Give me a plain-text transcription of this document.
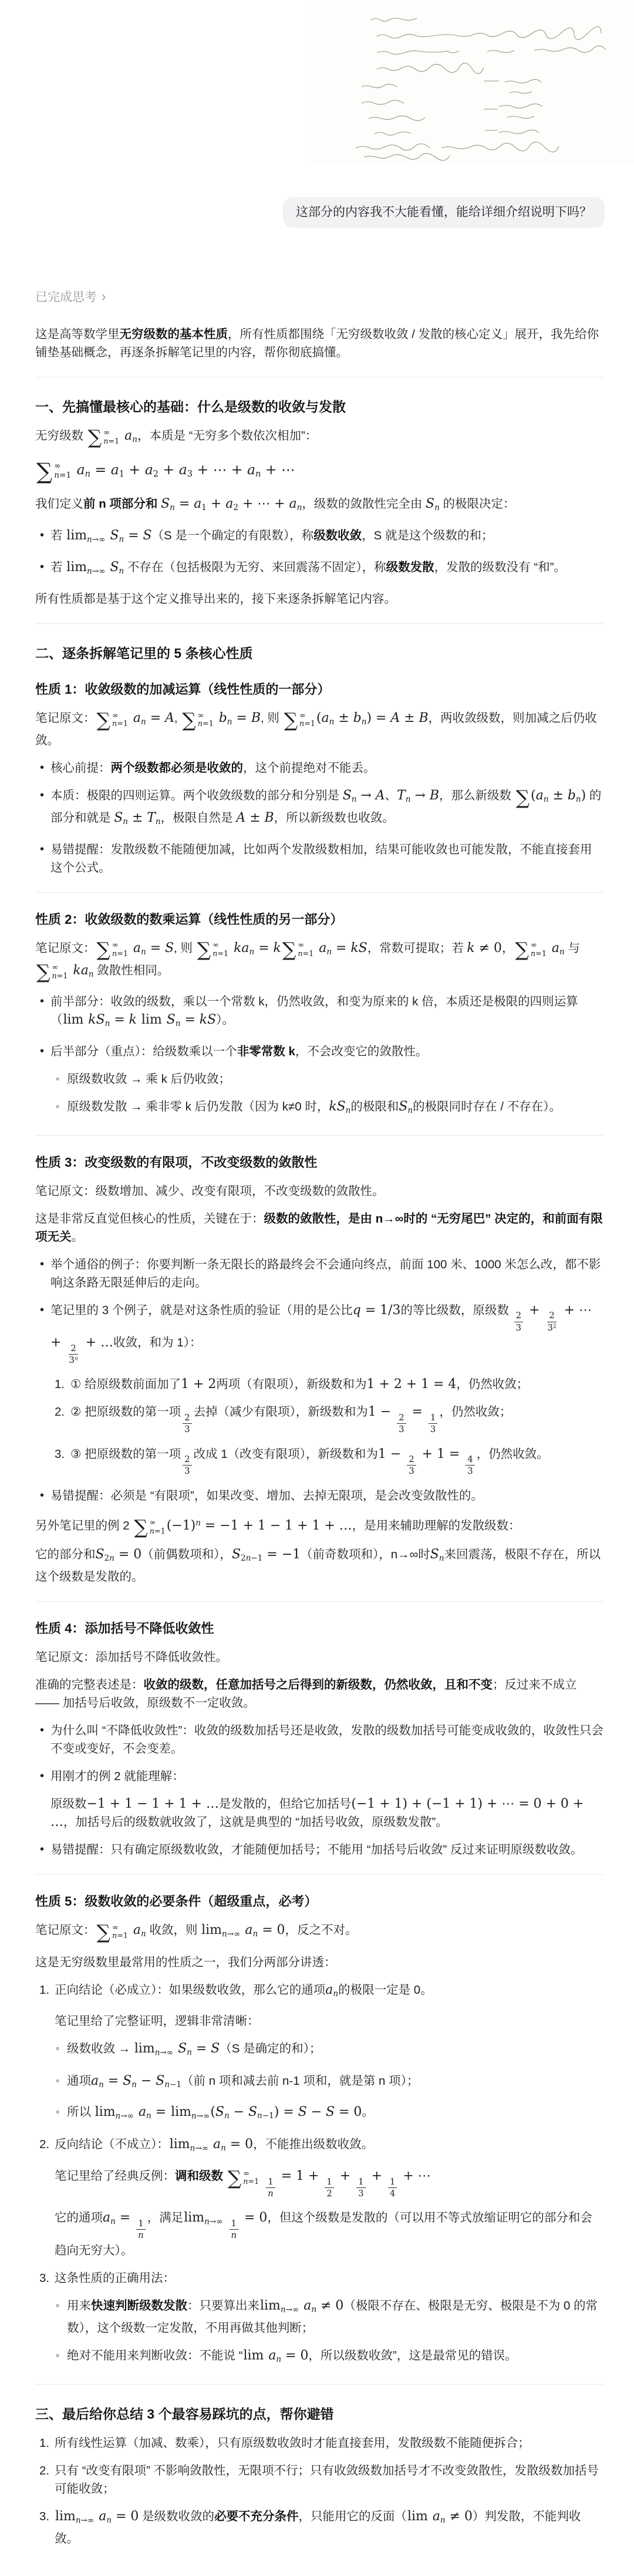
这部分的内容我不大能看懂，能给详细介绍说明下吗？
已完成思考 ›
这是高等数学里无穷级数的基本性质，所有性质都围绕「无穷级数收敛 / 发散的核心定义」展开，我先给你铺垫基础概念，再逐条拆解笔记里的内容，帮你彻底搞懂。
一、先搞懂最核心的基础：什么是级数的收敛与发散
无穷级数 ∑ ∞
n=1 $a_n$，本质是 “无穷多个数依次相加”：
∑ ∞
n=1 $a_n = a_1 + a_2 + a_3$ + ⋯ + $a_n$ + ⋯
我们定义前 n 项部分和 $S_n = a_1 + a_2$ + ⋯ + $a_n$，级数的敛散性完全由 $S_n$ 的极限决定：
• 若 $\lim_{n\to\infty} S_n = S(S$ 是一个确定的有限数），称级数收敛，S 就是这个级数的和；
• 若 $\lim_{n\to\infty} S_n$ 不存在（包括极限为无穷、来回震荡不固定），称级数发散，发散的级数没有 “和”。
所有性质都是基于这个定义推导出来的，接下来逐条拆解笔记内容。
二、逐条拆解笔记里的 5 条核心性质
性质 1：收敛级数的加减运算（线性性质的一部分）
笔记原文： ∑ ∞
n=1 $a_n = A$, ∑ ∞
n=1 $b_n = B$, 则 ∑ ∞
n=1 $(a_n \pm b_n) = A \pm B$，两收敛级数，则加减之后仍收敛。
• 核心前提：两个级数都必须是收敛的，这个前提绝对不能丢。
• 本质：极限的四则运算。两个收敛级数的部分和分别是 $S_n \to A$、$T_n \to B$，那么新级数 ∑ $(a_n \pm b_n)$ 的部分和就是 $S_n \pm T_n$，极限自然是 A ± B，所以新级数也收敛。
• 易错提醒：发散级数不能随便加减，比如两个发散级数相加，结果可能收敛也可能发散，不能直接套用这个公式。
性质 2：收敛级数的数乘运算（线性性质的另一部分）
笔记原文： ∑ ∞
n=1 $a_n = S$, 则 ∑ ∞
n=1 $ka_n = k$ ∑ ∞
n=1 $a_n$ = kS，常数可提取；若 k ≠ 0， ∑ ∞
n=1 $a_n$ 与
∑ ∞
n=1 $ka_n$ 敛散性相同。
• 前半部分：收敛的级数，乘以一个常数 k，仍然收敛，和变为原来的 k 倍，本质还是极限的四则运算（lim $kS_n = k$ $\lim S_n = kS$）。
• 后半部分（重点）：给级数乘以一个非零常数 k，不会改变它的敛散性。
◦ 原级数收敛 → 乘 k 后仍收敛；
◦ 原级数发散 → 乘非零 k 后仍发散（因为 k≠0 时，$kS_n$的极限和$S_n$的极限同时存在 / 不存在）。
性质 3：改变级数的有限项，不改变级数的敛散性
笔记原文：级数增加、减少、改变有限项，不改变级数的敛散性。
这是非常反直觉但核心的性质，关键在于：级数的敛散性，是由 n→∞时的 “无穷尾巴” 决定的，和前面有限项无关。
• 举个通俗的例子：你要判断一条无限长的路最终会不会通向终点，前面 100 米、1000 米怎么改，都不影响这条路无限延伸后的走向。
• 笔记里的 3 个例子，就是对这条性质的验证（用的是公比q = 1/3的等比级数，原级数 $\frac{2}{3} + \frac{2}{3^2}$ + ⋯ + $\frac{2}{3^n}$ + …收敛，和为 1）：
1. ① 给原级数前面加了1 + 2两项（有限项），新级数和为1 + 2 + 1 = 4，仍然收敛；
2. ② 把原级数的第一项 $\frac{2}{3}$ 去掉（减少有限项），新级数和为$1 - \frac{2}{3} = \frac{1}{3}$ ，仍然收敛；
3. ③ 把原级数的第一项 $\frac{2}{3}$ 改成 1（改变有限项），新级数和为$1 - \frac{2}{3} + 1 = \frac{4}{3}$ ，仍然收敛。
• 易错提醒：必须是 “有限项”，如果改变、增加、去掉无限项，是会改变敛散性的。
另外笔记里的例 2 ∑ ∞
n=1 $(-1)^n = -1 + 1 - 1 + 1$ + …，是用来辅助理解的发散级数：
它的部分和$S_{2n} = 0$（前偶数项和），$S_{2n-1} = -1$（前奇数项和），n→∞时$S_n$来回震荡，极限不存在，所以这个级数是发散的。
性质 4：添加括号不降低收敛性
笔记原文：添加括号不降低收敛性。
准确的完整表述是：收敛的级数，任意加括号之后得到的新级数，仍然收敛，且和不变；反过来不成立 —— 加括号后收敛，原级数不一定收敛。
• 为什么叫 “不降低收敛性”：收敛的级数加括号还是收敛，发散的级数加括号可能变成收敛的，收敛性只会不变或变好，不会变差。
• 用刚才的例 2 就能理解：
原级数−1 + 1 − 1 + 1 + …是发散的，但给它加括号(−1 + 1) + (−1 + 1) + ⋯ = 0 + 0 + …，加括号后的级数就收敛了，这就是典型的 “加括号收敛，原级数发散”。
• 易错提醒：只有确定原级数收敛，才能随便加括号；不能用 “加括号后收敛” 反过来证明原级数收敛。
性质 5：级数收敛的必要条件（超级重点，必考）
笔记原文： ∑ ∞
n=1 $a_n$ 收敛，则 $\lim_{n\to\infty} a_n = 0$，反之不对。
这是无穷级数里最常用的性质之一，我们分两部分讲透：
1. 正向结论（必成立）：如果级数收敛，那么它的通项$a_n$的极限一定是 0。
笔记里给了完整证明，逻辑非常清晰：
◦ 级数收敛 → $\lim_{n\to\infty} S_n = S(S$ 是确定的和）；
◦ 通项$a_n = S_n - S_{n-1}$（前 n 项和减去前 n-1 项和，就是第 n 项）；
◦ 所以 $\lim_{n\to\infty} a_n = \lim_{n\to\infty}(S_n - S_{n-1}) = S - S = 0$。
2. 反向结论（不成立）：$\lim_{n\to\infty} a_n = 0$，不能推出级数收敛。
笔记里给了经典反例：调和级数 ∑ ∞
n=1
$\frac{1}{n} = 1 + \frac{1}{2} + \frac{1}{3} + \frac{1}{4}$ + ⋯
它的通项$a_n = \frac{1}{n}$ ，满足$\lim_{n\to\infty} \frac{1}{n} = 0$，但这个级数是发散的（可以用不等式放缩证明它的部分和会趋向无穷大）。
3. 这条性质的正确用法：
◦ 用来快速判断级数发散：只要算出来$\lim_{n\to\infty} a_n \ne 0$（极限不存在、极限是无穷、极限是不为 0 的常数），这个级数一定发散，不用再做其他判断；
◦ 绝对不能用来判断收敛：不能说 “lim $a_n = 0$，所以级数收敛”，这是最常见的错误。
三、最后给你总结 3 个最容易踩坑的点，帮你避错
1. 所有线性运算（加减、数乘），只有原级数收敛时才能直接套用，发散级数不能随便拆合；
2. 只有 “改变有限项” 不影响敛散性，无限项不行；只有收敛级数加括号才不改变敛散性，发散级数加括号可能收敛；
3. $\lim_{n\to\infty} a_n = 0$ 是级数收敛的必要不充分条件，只能用它的反面（lim $a_n \ne 0$）判发散，不能判收敛。
